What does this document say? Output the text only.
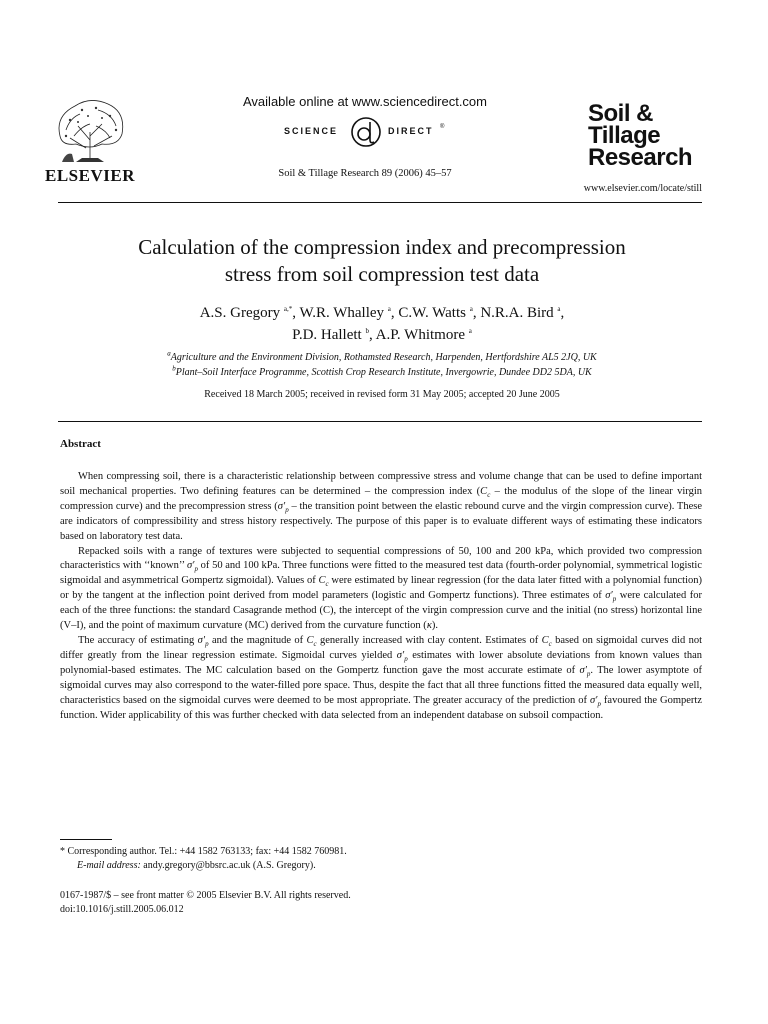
ELSEVIER
Available online at www.sciencedirect.com
SCIENCE	DIRECT ®
Soil & Tillage Research 89 (2006) 45–57
Soil &
Tillage
Research
www.elsevier.com/locate/still
Calculation of the compression index and precompression
stress from soil compression test data
A.S. Gregory $^{a,*}$, W.R. Whalley $^a$, C.W. Watts $^a$, N.R.A. Bird $^a$,
P.D. Hallett $^b$, A.P. Whitmore $^a$
$^a$Agriculture and the Environment Division, Rothamsted Research, Harpenden, Hertfordshire AL5 2JQ, UK
$^b$Plant–Soil Interface Programme, Scottish Crop Research Institute, Invergowrie, Dundee DD2 5DA, UK
Received 18 March 2005; received in revised form 31 May 2005; accepted 20 June 2005
Abstract

When compressing soil, there is a characteristic relationship between compressive stress and volume change that can be used to define important soil mechanical properties. Two defining features can be determined – the compression index ($C_c$ – the modulus of the slope of the linear virgin compression curve) and the precompression stress ($\sigma'_p$ – the transition point between the elastic rebound curve and the virgin compression curve). These are indicators of compressibility and stress history respectively. The purpose of this paper is to evaluate different ways of estimating these indicators based on laboratory test data.

Repacked soils with a range of textures were subjected to sequential compressions of 50, 100 and 200 kPa, which provided two compression characteristics with ‘‘known’’ $\sigma'_p$ of 50 and 100 kPa. Three functions were fitted to the measured test data (fourth-order polynomial, symmetrical logistic sigmoidal and asymmetrical Gompertz sigmoidal). Values of $C_c$ were estimated by linear regression (for the data later fitted with a polynomial function) or by the tangent at the inflection point derived from model parameters (logistic and Gompertz functions). Three estimates of $\sigma'_p$ were calculated for each of the three functions: the standard Casagrande method (C), the intercept of the virgin compression curve and the initial (no stress) horizontal line (V–I), and the point of maximum curvature (MC) derived from the curvature function (κ).

The accuracy of estimating $\sigma'_p$ and the magnitude of $C_c$ generally increased with clay content. Estimates of $C_c$ based on sigmoidal curves did not differ greatly from the linear regression estimate. Sigmoidal curves yielded $\sigma'_p$ estimates with lower absolute deviations from known values than polynomial-based estimates. The MC calculation based on the Gompertz function gave the most accurate estimate of $\sigma'_p$. The lower asymptote of sigmoidal curves may also correspond to the water-filled pore space. Thus, despite the fact that all three functions fitted the measured data equally well, characteristics based on the sigmoidal curves were deemed to be most appropriate. The greater accuracy of the prediction of $\sigma'_p$ favoured the Gompertz function. Wider applicability of this was further checked with data selected from an independent database on subsoil compaction.

* Corresponding author. Tel.: +44 1582 763133; fax: +44 1582 760981.
E-mail address: andy.gregory@bbsrc.ac.uk (A.S. Gregory).
0167-1987/$ – see front matter © 2005 Elsevier B.V. All rights reserved.
doi:10.1016/j.still.2005.06.012
